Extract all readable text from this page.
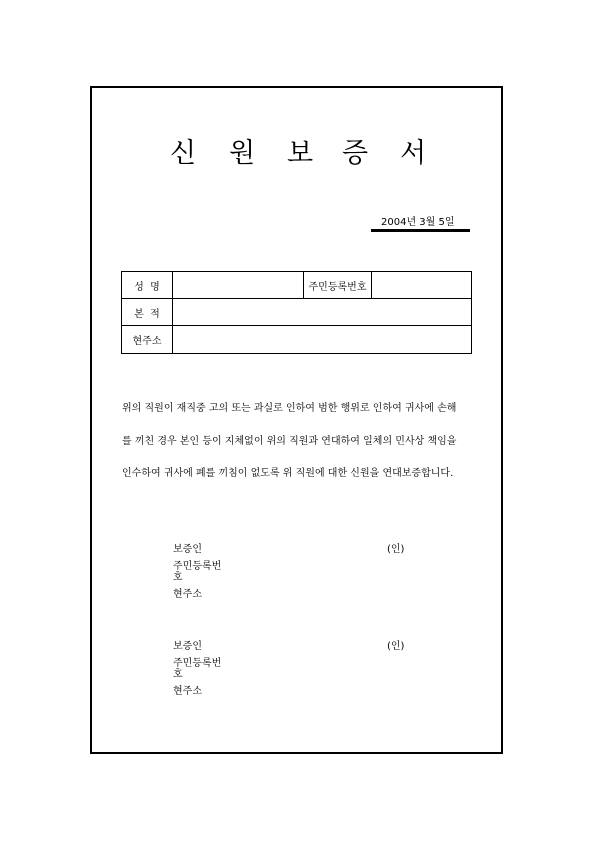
신 원 보 증 서
2004년 3월 5일
성  명		주민등록번호	
본  적			
현주소			
위의 직원이 재직중 고의 또는 과실로 인하여 범한 행위로 인하여 귀사에 손해
를 끼친 경우 본인 등이 지체없이 위의 직원과 연대하여 일체의 민사상 책임을
인수하여 귀사에 폐를 끼침이 없도록 위 직원에 대한 신원을 연대보증합니다.
보증인	(인)
주민등록번
호
현주소
보증인	(인)
주민등록번
호
현주소
